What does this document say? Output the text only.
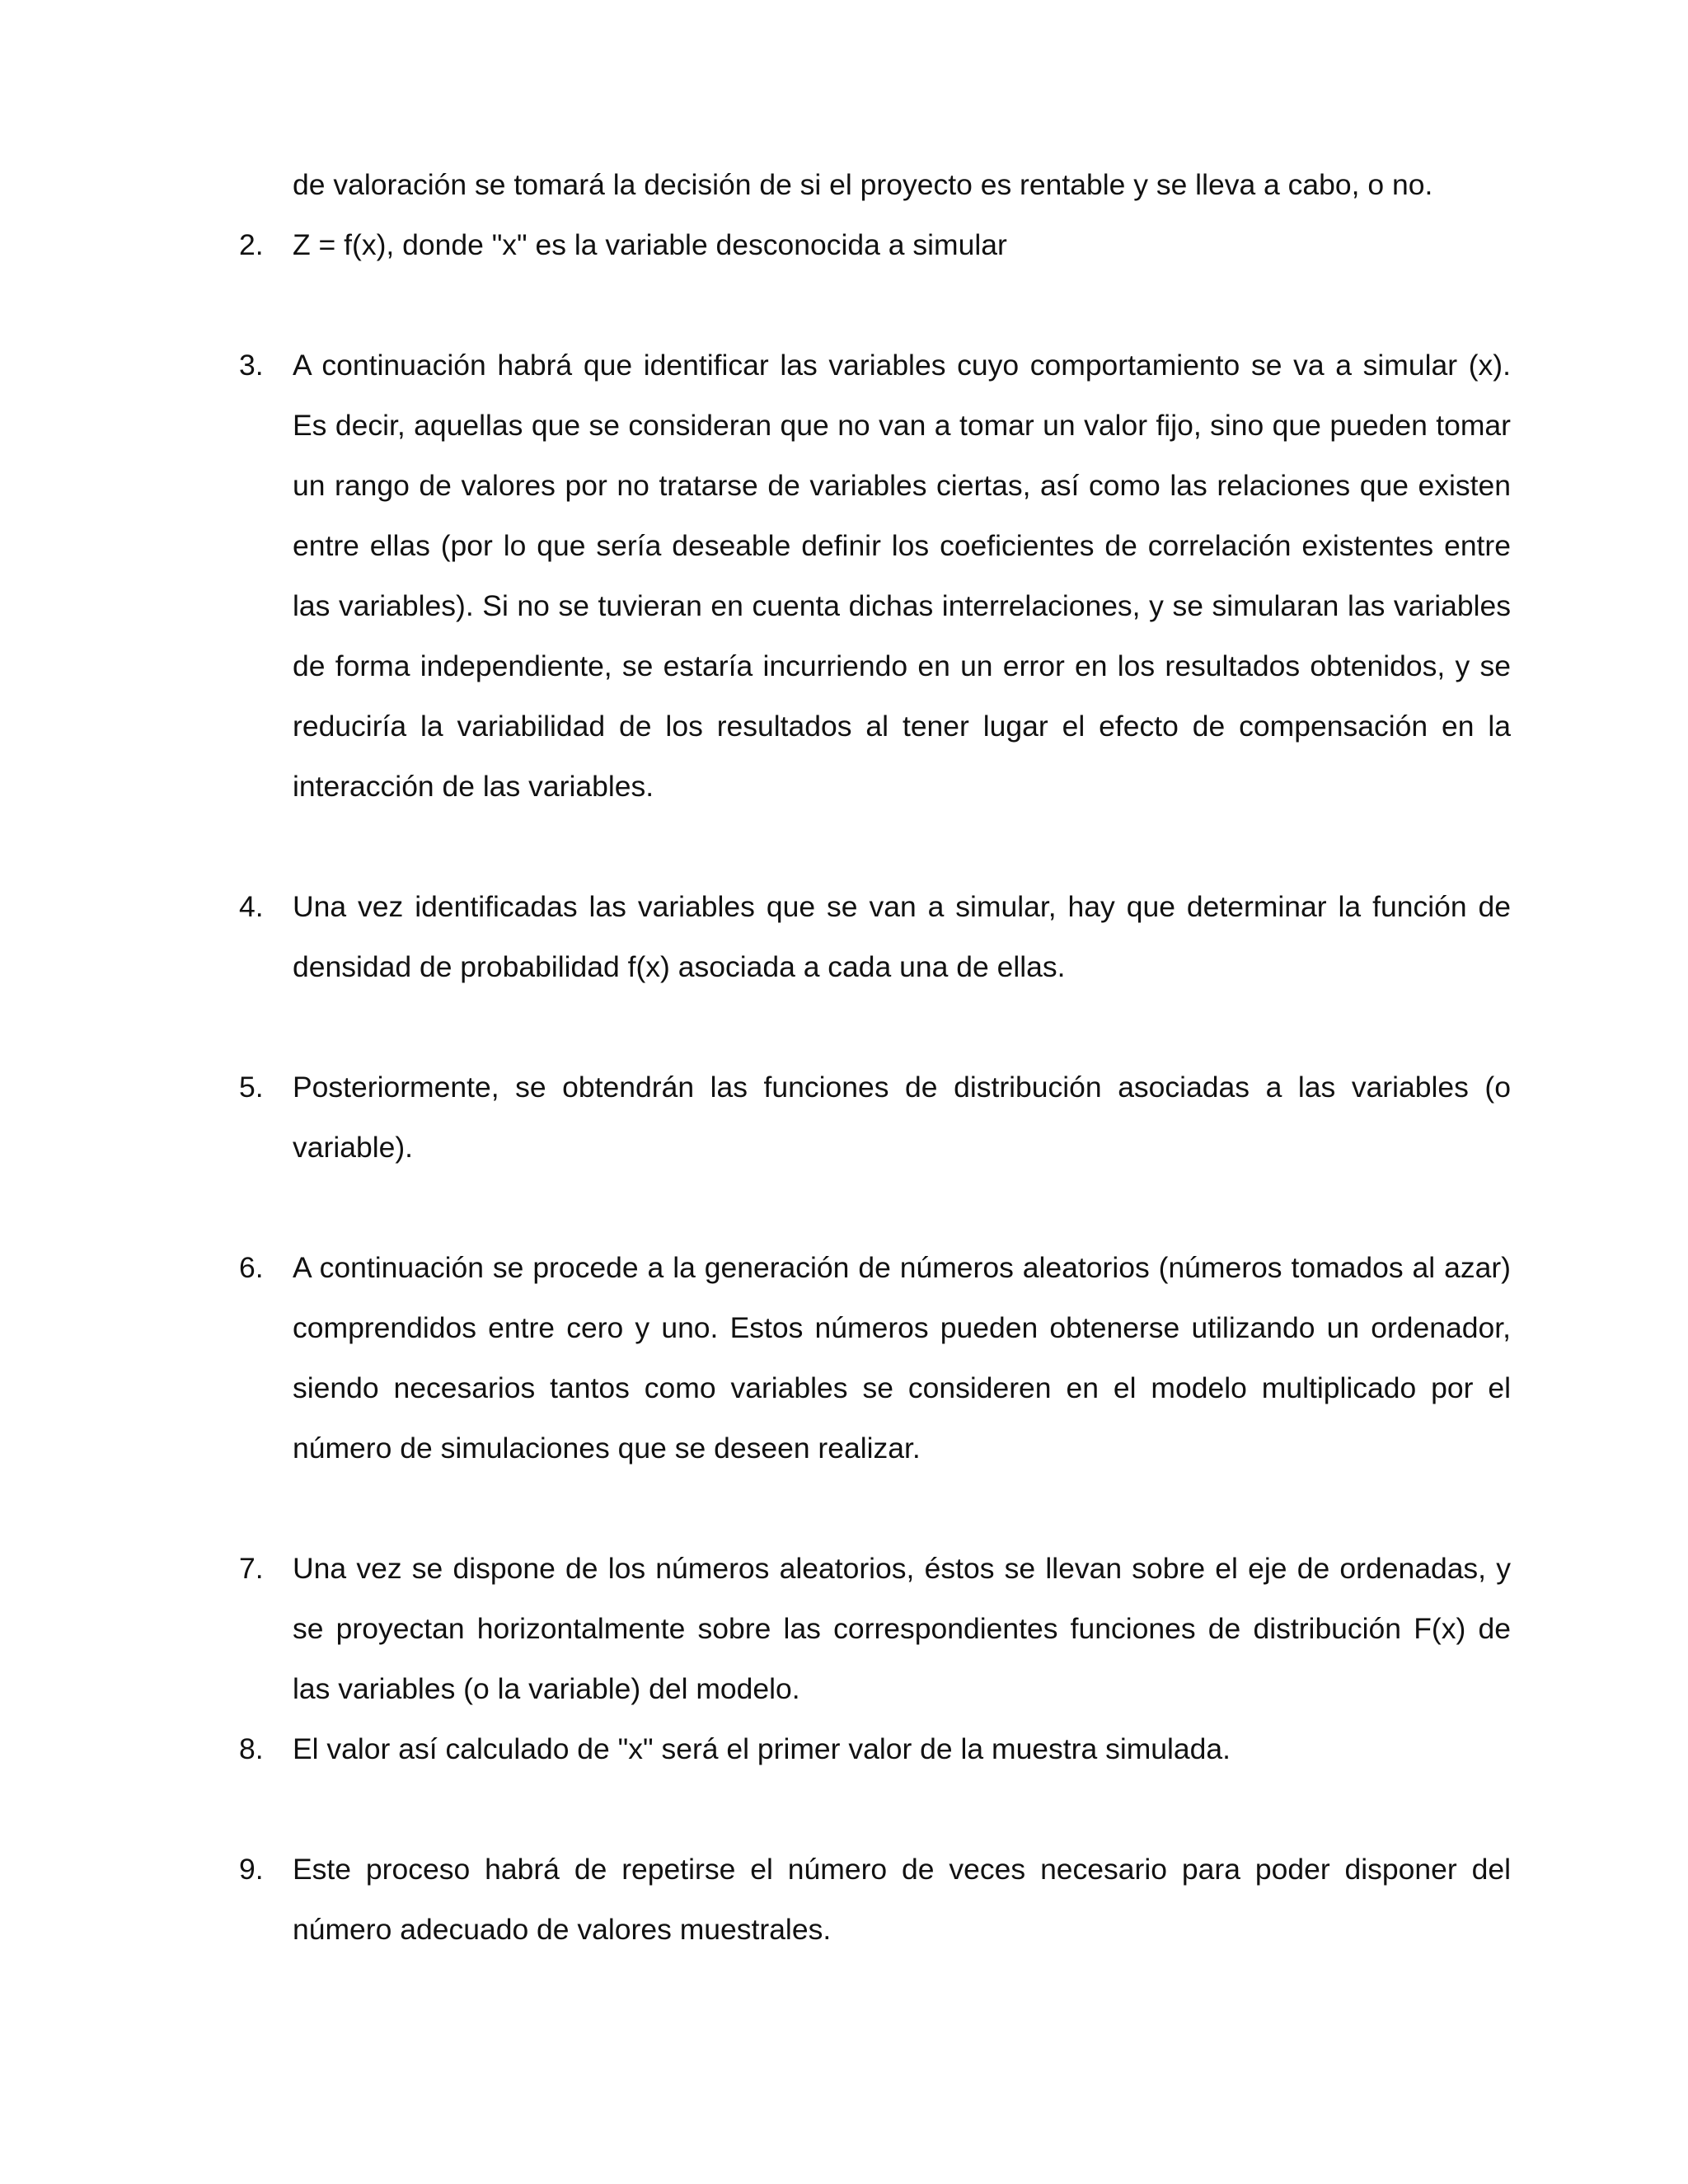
de valoración se tomará la decisión de si el proyecto es rentable y se lleva a cabo, o no.
2. Z = f(x), donde "x" es la variable desconocida a simular
3. A continuación habrá que identificar las variables cuyo comportamiento se va a simular (x). Es decir, aquellas que se consideran que no van a tomar un valor fijo, sino que pueden tomar un rango de valores por no tratarse de variables ciertas, así como las relaciones que existen entre ellas (por lo que sería deseable definir los coeficientes de correlación existentes entre las variables). Si no se tuvieran en cuenta dichas interrelaciones, y se simularan las variables de forma independiente, se estaría incurriendo en un error en los resultados obtenidos, y se reduciría la variabilidad de los resultados al tener lugar el efecto de compensación en la interacción de las variables.
4. Una vez identificadas las variables que se van a simular, hay que determinar la función de densidad de probabilidad f(x) asociada a cada una de ellas.
5. Posteriormente, se obtendrán las funciones de distribución asociadas a las variables (o variable).
6. A continuación se procede a la generación de números aleatorios (números tomados al azar) comprendidos entre cero y uno. Estos números pueden obtenerse utilizando un ordenador, siendo necesarios tantos como variables se consideren en el modelo multiplicado por el número de simulaciones que se deseen realizar.
7. Una vez se dispone de los números aleatorios, éstos se llevan sobre el eje de ordenadas, y se proyectan horizontalmente sobre las correspondientes funciones de distribución F(x) de las variables (o la variable) del modelo.
8. El valor así calculado de "x" será el primer valor de la muestra simulada.
9. Este proceso habrá de repetirse el número de veces necesario para poder disponer del número adecuado de valores muestrales.
